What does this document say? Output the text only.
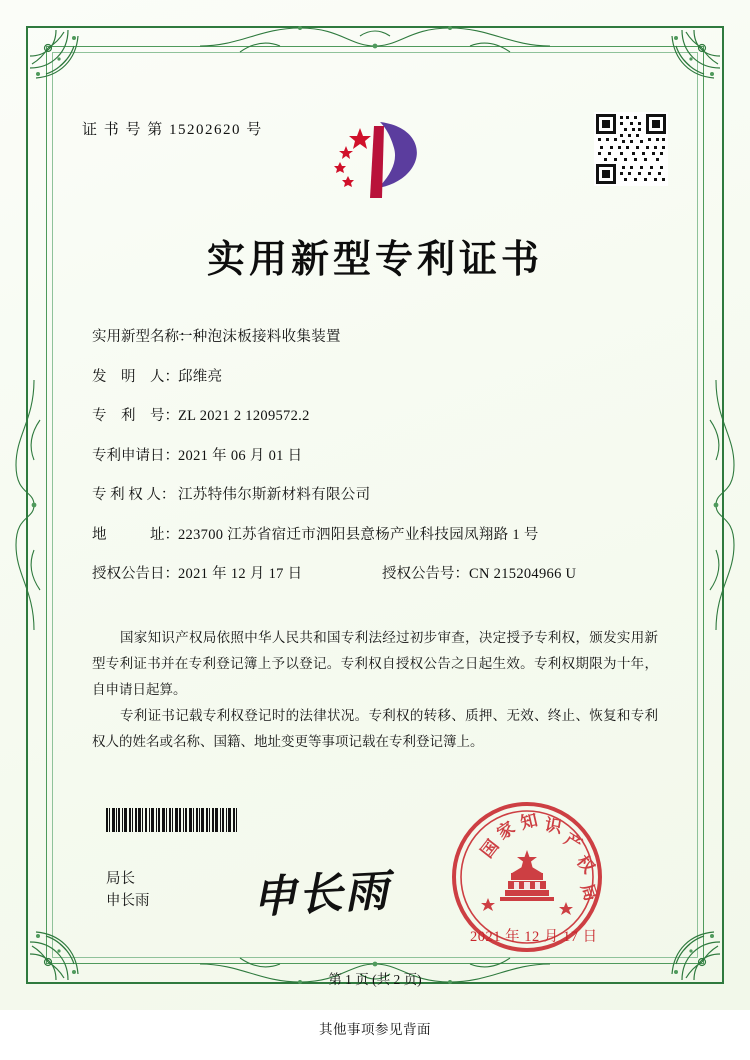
证 书 号 第 15202620 号
实用新型专利证书
实用新型名称：
一种泡沫板接料收集装置
发　明　人： 邱维亮
专　利　号： ZL 2021 2 1209572.2
专利申请日： 2021 年 06 月 01 日
专 利 权 人： 江苏特伟尔斯新材料有限公司
地　　　址： 223700 江苏省宿迁市泗阳县意杨产业科技园凤翔路 1 号
授权公告日： 2021 年 12 月 17 日	授权公告号： CN 215204966 U

国家知识产权局依照中华人民共和国专利法经过初步审查，决定授予专利权，颁发实用新型专利证书并在专利登记簿上予以登记。专利权自授权公告之日起生效。专利权期限为十年，自申请日起算。

专利证书记载专利权登记时的法律状况。专利权的转移、质押、无效、终止、恢复和专利权人的姓名或名称、国籍、地址变更等事项记载在专利登记簿上。

局长
申长雨 申长雨
国
家 知 识
产
权
局
2021 年 12 月 17 日
第 1 页 (共 2 页)
其他事项参见背面
